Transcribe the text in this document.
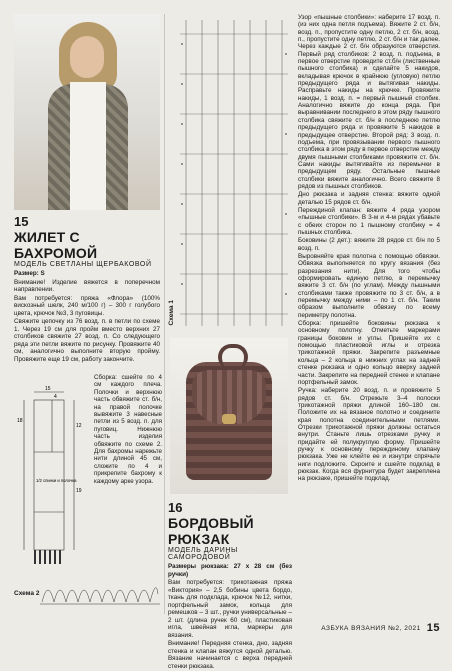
15
ЖИЛЕТ С БАХРОМОЙ
МОДЕЛЬ СВЕТЛАНЫ ЩЕРБАКОВОЙ

Размер: S

Внимание! Изделие вяжется в поперечном направлении.

Вам потребуется: пряжа «Флора» (100% вискозный шелк, 240 м/100 г) – 300 г голубого цвета, крючок №3, 3 пуговицы.

Свяжите цепочку из 76 возд. п. в петли по схеме 1. Через 19 см для пройм вместо верхних 27 столбиков свяжите 27 возд. п. Со следующего ряда эти петли вяжите по рисунку. Провяжите 40 см, аналогично выполните вторую пройму. Провяжите еще 19 см, работу закончите.

18
15
4
12
19
1/2 спинки и полочка

Сборка: сшейте по 4 см каждого плеча. Полочки и верхнюю часть обвяжите ст. б/н, на правой полочке вывяжите 3 навесные петли из 5 возд. п. для пуговиц. Нижнюю часть изделия обвяжите по схеме 2. Для бахромы нарежьте нити длиной 45 см, сложите по 4 и прикрепите бахрому к каждому арке узора.

Схема 2
Схема 1
16
БОРДОВЫЙ РЮКЗАК
МОДЕЛЬ ДАРИНЫ САМОРОДОВОЙ

Размеры рюкзака: 27 х 28 см (без ручки)

Вам потребуется: трикотажная пряжа «Виктория» – 2,5 бобины цвета бордо, ткань для подклада, крючок №12, нитки, портфельный замок, кольца для ремешков – 3 шт., ручки универсальные – 2 шт. (длина ручек 60 см), пластиковая игла, швейная игла, маркеры для вязания.

Внимание! Передняя стенка, дно, задняя стенка и клапан вяжутся одной деталью. Вязание начинается с верха передней стенки рюкзака.

Узор «пышные столбики»: наберите 17 возд. п. (из них одна петля подъема). Вяжите 2 ст. б/н, возд. п., пропустите одну петлю, 2 ст. б/н, возд. п., пропустите одну петлю, 2 ст. б/н и так далее. Через каждые 2 ст. б/н образуются отверстия. Первый ряд столбиков: 2 возд. п. подъема, в первое отверстие проведите ст.б/н (лиственные пышного столбика) и сделайте 5 накидов, вкладывая крючок в крайнюю (угловую) петлю предыдущего ряда и вытягивая накиды. Расправьте накиды на крючке. Провяжите накиды, 1 возд. п. = первый пышный столбик. Аналогично вяжите до конца ряда. При выравнивании последнего в этом ряду пышного столбика свяжите ст. б/н в последнюю петлю предыдущего ряда и провяжите 5 накидов в предыдущее отверстие. Второй ряд: 3 возд. п. подъема, при провязывании первого пышного столбика в этом ряду в первое отверстие между двумя пышными столбиками провяжите ст. б/н. Сами накиды вытягивайте из перемычки в предыдущем ряду. Остальные пышные столбики вяжите аналогично. Всего свяжите 8 рядов из пышных столбиков.

Дно рюкзака и задняя стенка: вяжите одной деталью 15 рядов ст. б/н.

Переждиной клапан: вяжите 4 ряда узором «пышные столбики». В 3-м и 4-м рядах убавьте с обеих сторон по 1 пышному столбику = 4 пышных столбика.

Боковины (2 дет.): вяжите 28 рядов ст. б/н по 5 возд. п.

Выровняйте края полотна с помощью обвязки. Обвязка выполняется по кругу вязания (без разрезания нити). Для того чтобы сформировать единую петлю, в перемычку вяжите 3 ст. б/н (по углам). Между пышными столбиками также провяжите по 3 ст. б/н, а в перемычку между ними – по 1 ст. б/н. Таким образом выполните обвязку по всему периметру полотна.

Сборка: пришейте боковины рюкзака к основному полотну. Отметьте маркерами границы боковин и углы. Пришейте их с помощью пластиковой иглы и отрезка трикотажной пряжи. Закрепите разъемные кольца – 2 кольца в нижних углах на задней стенке рюкзака и одно кольцо вверху задней части. Закрепите на передней стенке и клапане портфельный замок.

Ручка: наберите 20 возд. п. и провяжите 5 рядов ст. б/н. Отрежьте 3–4 полоски трикотажной пряжи длиной 160–180 см. Положите их на вязаное полотно и соедините края полотна соединительными петлями. Отрезки трикотажной пряжи должны остаться внутри. Станьте лишь отрезками ручку и придайте ей полукруглую форму. Пришейте ручку к основному переждиному клапану рюкзака. Уже не клейте ее и изнутри спрячьте ниги подложите. Скроите и сшейте подклад в рюкзак. Когда вся фурнитура будет закреплена на рюкзаке, пришейте подклад.

АЗБУКА ВЯЗАНИЯ №2, 2021 15
